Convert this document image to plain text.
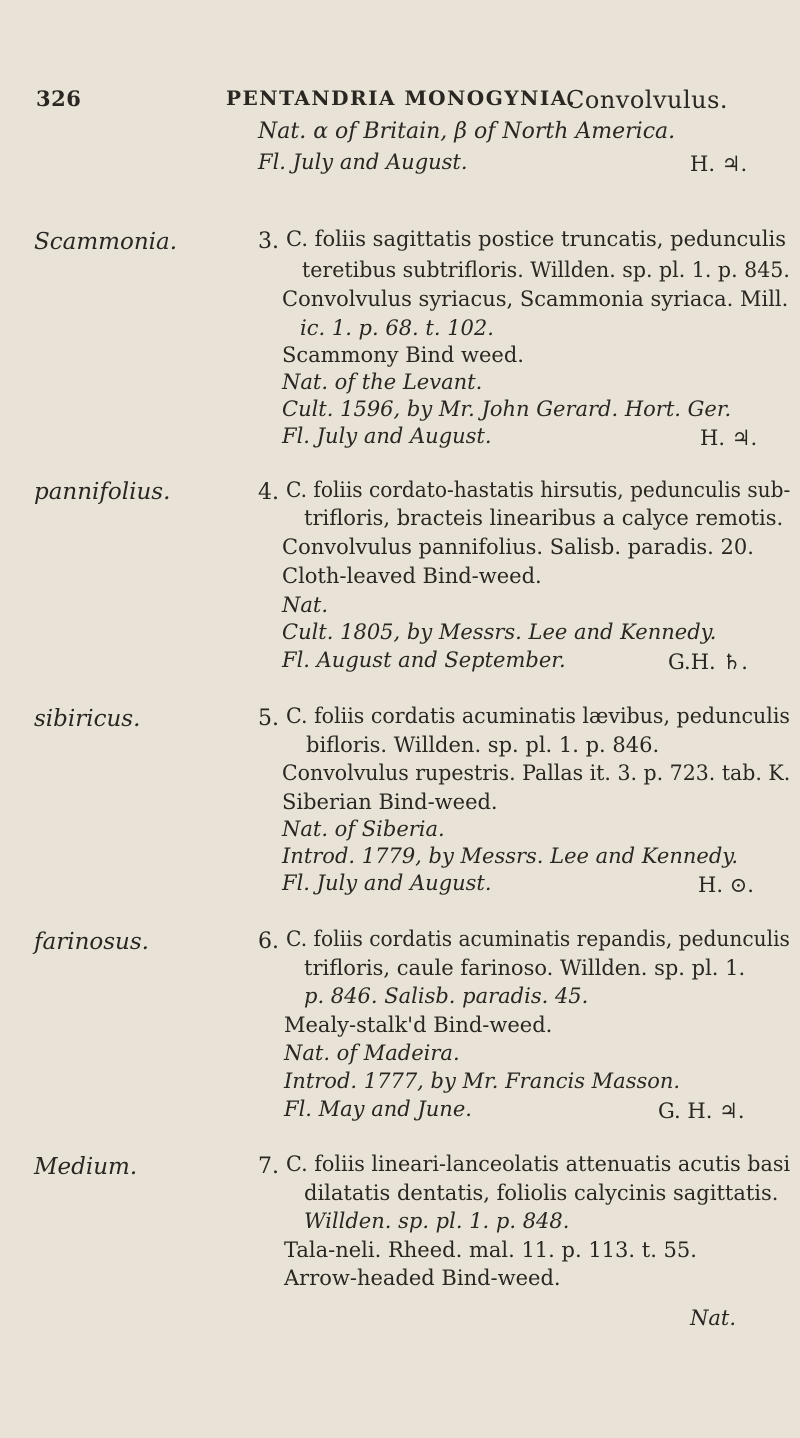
326	PENTANDRIA MONOGYNIA.
Convolvulus.
Nat. α of Britain, β of North America.
Fl. July and August.	H. ♃.
Scammonia.	3. C. foliis sagittatis postice truncatis, pedunculis
teretibus subtrifloris. Willden. sp. pl. 1. p. 845.
Convolvulus syriacus, Scammonia syriaca. Mill.
ic. 1. p. 68. t. 102.
Scammony Bind weed.
Nat. of the Levant.
Cult. 1596, by Mr. John Gerard. Hort. Ger.
Fl. July and August.	H. ♃.
pannifolius.	4. C. foliis cordato-hastatis hirsutis, pedunculis sub-
trifloris, bracteis linearibus a calyce remotis.
Convolvulus pannifolius. Salisb. paradis. 20.
Cloth-leaved Bind-weed.
Nat.
Cult. 1805, by Messrs. Lee and Kennedy.
Fl. August and September.	G.H. ♄.
sibiricus.	5. C. foliis cordatis acuminatis lævibus, pedunculis
bifloris. Willden. sp. pl. 1. p. 846.
Convolvulus rupestris. Pallas it. 3. p. 723. tab. K.
Siberian Bind-weed.
Nat. of Siberia.
Introd. 1779, by Messrs. Lee and Kennedy.
Fl. July and August.	H. ⊙.
farinosus.	6. C. foliis cordatis acuminatis repandis, pedunculis
trifloris, caule farinoso. Willden. sp. pl. 1.
p. 846. Salisb. paradis. 45.
Mealy-stalk'd Bind-weed.
Nat. of Madeira.
Introd. 1777, by Mr. Francis Masson.
Fl. May and June.	G. H. ♃.
Medium.	7. C. foliis lineari-lanceolatis attenuatis acutis basi
dilatatis dentatis, foliolis calycinis sagittatis.
Willden. sp. pl. 1. p. 848.
Tala-neli. Rheed. mal. 11. p. 113. t. 55.
Arrow-headed Bind-weed.
Nat.
